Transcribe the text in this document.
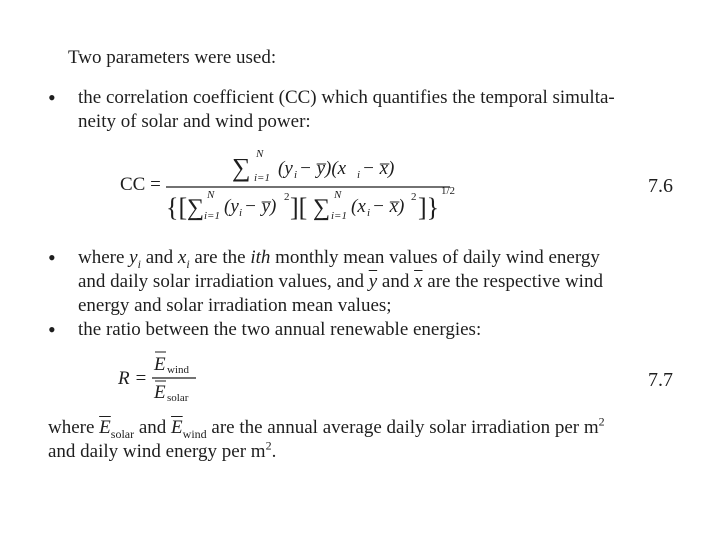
Two parameters were used:
• the correlation coefficient (CC) which quantifies the temporal simulta-
neity of solar and wind power:
CC =
∑ N
i=1 (y i − y̅)(x i − x̅)
{[ ∑ N
i=1 (y i − y̅) 2 ][ ∑ N
i=1 (x i − x̅) 2 ]}
1/2	7.6
• where $y_i$ and $x_i$ are the ith monthly mean values of daily wind energy
and daily solar irradiation values, and $\overline{y}$ and $\overline{x}$ are the respective wind
energy and solar irradiation mean values;
• the ratio between the two annual renewable energies:
R =
E wind
E solar
7.7
where $\overline{E}_{solar}$ and $\overline{E}_{wind}$ are the annual average daily solar irradiation per $m^2$
and daily wind energy per $m^2$.
